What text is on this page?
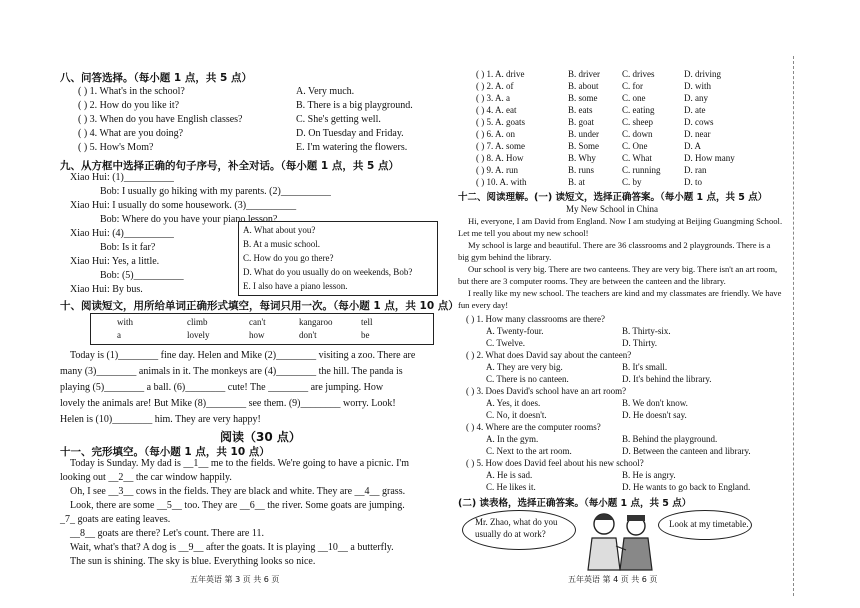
八、问答选择。（每小题 1 点，共 5 点）
( ) 1. What's in the school?
( ) 2. How do you like it?
( ) 3. When do you have English classes?
( ) 4. What are you doing?
( ) 5. How's Mom?
A. Very much.
B. There is a big playground.
C. She's getting well.
D. On Tuesday and Friday.
E. I'm watering the flowers.
九、从方框中选择正确的句子序号，补全对话。（每小题 1 点，共 5 点）
Xiao Hui: (1)__________
Bob: I usually go hiking with my parents. (2)__________
Xiao Hui: I usually do some housework. (3)__________
Bob: Where do you have your piano lesson?
Xiao Hui: (4)__________
Bob: Is it far?
Xiao Hui: Yes, a little.
Bob: (5)__________
Xiao Hui: By bus.
A. What about you?
B. At a music school.
C. How do you go there?
D. What do you usually do on weekends, Bob?
E. I also have a piano lesson.
十、阅读短文，用所给单词正确形式填空，每词只用一次。（每小题 1 点，共 10 点）
with	climb	can't	kangaroo	tell
a	lovely	how	don't	be
Today is (1)________ fine day. Helen and Mike (2)________ visiting a zoo. There are
many (3)________ animals in it. The monkeys are (4)________ the hill. The panda is
playing (5)________ a ball. (6)________ cute! The ________ are jumping. How
lovely the animals are! But Mike (8)________ see them. (9)________ worry. Look!
Helen is (10)________ him. They are very happy!
阅读（30 点）
十一、完形填空。（每小题 1 点，共 10 点）
Today is Sunday. My dad is __1__ me to the fields. We're going to have a picnic. I'm
looking out __2__ the car window happily.
Oh, I see __3__ cows in the fields. They are black and white. They are __4__ grass.
Look, there are some __5__ too. They are __6__ the river. Some goats are jumping.
_7_ goats are eating leaves.
__8__ goats are there? Let's count. There are 11.
Wait, what's that? A dog is __9__ after the goats. It is playing __10__ a butterfly.
The sun is shining. The sky is blue. Everything looks so nice.
五年英语 第 3 页 共 6 页
( ) 1. A. drive	B. driver C. drives	D. driving
( ) 2. A. of	B. about	C. for	D. with
( ) 3. A. a	B. some	C. one	D. any
( ) 4. A. eat	B. eats	C. eating	D. ate
( ) 5. A. goats	B. goat	C. sheep	D. cows
( ) 6. A. on	B. under	C. down	D. near
( ) 7. A. some	B. Some	C. One	D. A
( ) 8. A. How	B. Why	C. What	D. How many
( ) 9. A. run	B. runs	C. running	D. ran
( ) 10. A. with	B. at	C. by	D. to
十二、阅读理解。(一) 读短文，选择正确答案。（每小题 1 点，共 5 点）
My New School in China
Hi, everyone, I am David from England. Now I am studying at Beijing Guangming School.
Let me tell you about my new school!
My school is large and beautiful. There are 36 classrooms and 2 playgrounds. There is a
big gym behind the library.
Our school is very big. There are two canteens. They are very big. There isn't an art room,
but there are 3 computer rooms. They are between the canteen and the library.
I really like my new school. The teachers are kind and my classmates are friendly. We have
fun every day!
( ) 1. How many classrooms are there?
A. Twenty-four.	B. Thirty-six.
C. Twelve.	D. Thirty.
( ) 2. What does David say about the canteen?
A. They are very big.	B. It's small.
C. There is no canteen.	D. It's behind the library.
( ) 3. Does David's school have an art room?
A. Yes, it does.	B. We don't know.
C. No, it doesn't.	D. He doesn't say.
( ) 4. Where are the computer rooms?
A. In the gym.	B. Behind the playground.
C. Next to the art room.	D. Between the canteen and library.
( ) 5. How does David feel about his new school?
A. He is sad.	B. He is angry.
C. He likes it.	D. He wants to go back to England.
(二) 读表格，选择正确答案。（每小题 1 点，共 5 点）
Mr. Zhao, what do you
usually do at work?
Look at my timetable.
五年英语 第 4 页 共 6 页
